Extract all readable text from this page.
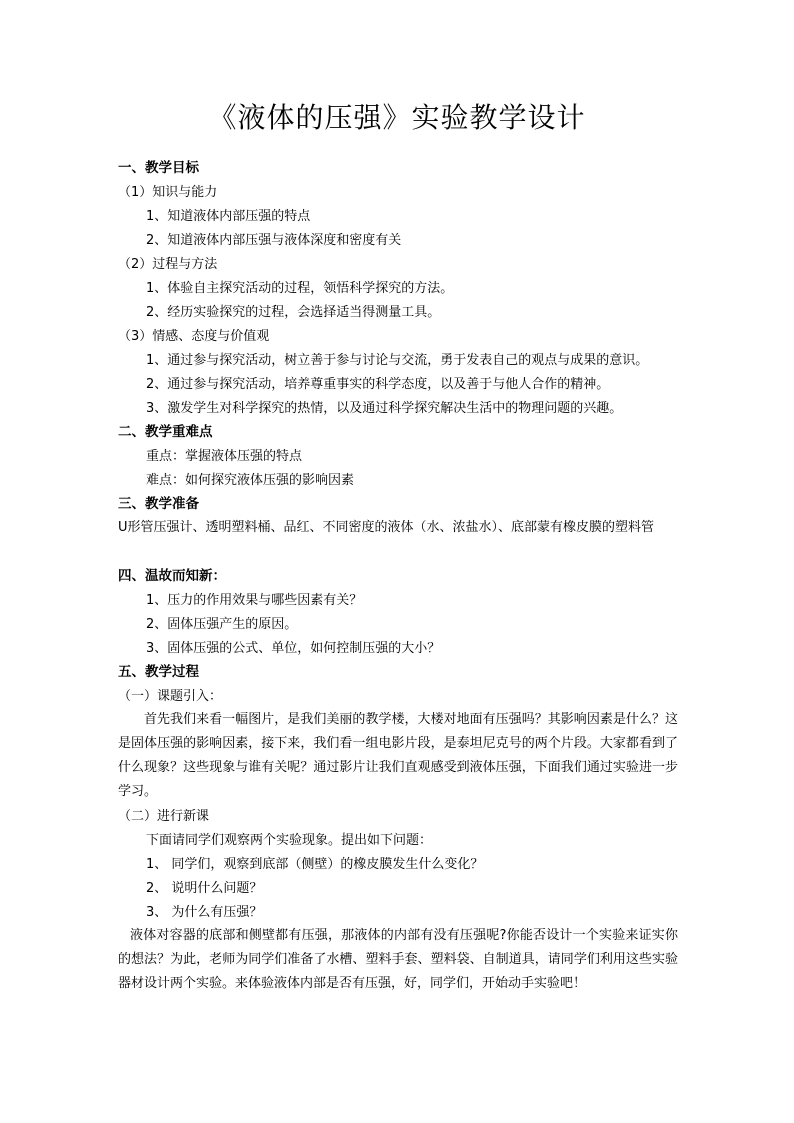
《液体的压强》实验教学设计
一、教学目标
（1）知识与能力
1、知道液体内部压强的特点
2、知道液体内部压强与液体深度和密度有关
（2）过程与方法
1、体验自主探究活动的过程，领悟科学探究的方法。
2、经历实验探究的过程，会选择适当得测量工具。
（3）情感、态度与价值观
1、通过参与探究活动，树立善于参与讨论与交流，勇于发表自己的观点与成果的意识。
2、通过参与探究活动，培养尊重事实的科学态度，以及善于与他人合作的精神。
3、激发学生对科学探究的热情，以及通过科学探究解决生活中的物理问题的兴趣。
二、教学重难点
重点：掌握液体压强的特点
难点：如何探究液体压强的影响因素
三、教学准备
U形管压强计、透明塑料桶、品红、不同密度的液体（水、浓盐水）、底部蒙有橡皮膜的塑料管
四、温故而知新：
1、压力的作用效果与哪些因素有关？
2、固体压强产生的原因。
3、固体压强的公式、单位，如何控制压强的大小？
五、教学过程
（一）课题引入：
首先我们来看一幅图片，是我们美丽的教学楼，大楼对地面有压强吗？其影响因素是什么？这是固体压强的影响因素，接下来，我们看一组电影片段，是泰坦尼克号的两个片段。大家都看到了什么现象？这些现象与谁有关呢？通过影片让我们直观感受到液体压强，下面我们通过实验进一步学习。
（二）进行新课
下面请同学们观察两个实验现象。提出如下问题：
1、 同学们，观察到底部（侧壁）的橡皮膜发生什么变化？
2、 说明什么问题？
3、 为什么有压强？
液体对容器的底部和侧壁都有压强，那液体的内部有没有压强呢?你能否设计一个实验来证实你的想法？为此，老师为同学们准备了水槽、塑料手套、塑料袋、自制道具，请同学们利用这些实验器材设计两个实验。来体验液体内部是否有压强，好，同学们，开始动手实验吧！
